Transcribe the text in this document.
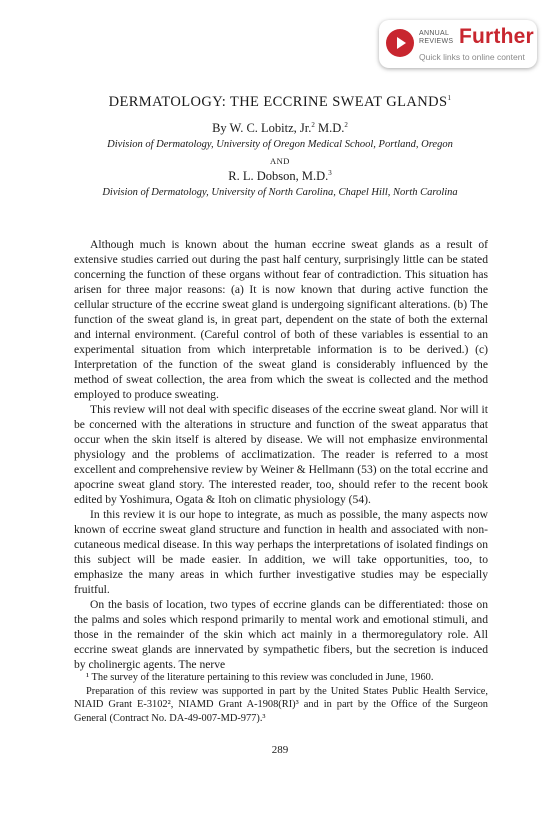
ANNUAL
REVIEWS Further
Quick links to online content
DERMATOLOGY: THE ECCRINE SWEAT GLANDS$^1$
By W. C. Lobitz, Jr.$^2$ M.D.$^2$
Division of Dermatology, University of Oregon Medical School, Portland, Oregon
AND
R. L. Dobson, M.D.$^3$
Division of Dermatology, University of North Carolina, Chapel Hill, North Carolina

Although much is known about the human eccrine sweat glands as a result of extensive studies carried out during the past half century, surprisingly little can be stated concerning the function of these organs without fear of contradiction. This situation has arisen for three major reasons: (a) It is now known that during active function the cellular structure of the eccrine sweat gland is undergoing significant alterations. (b) The function of the sweat gland is, in great part, dependent on the state of both the external and internal environment. (Careful control of both of these variables is essential to an experimental situation from which interpretable information is to be derived.) (c) Interpretation of the function of the sweat gland is considerably influenced by the method of sweat collection, the area from which the sweat is collected and the method employed to produce sweating.

This review will not deal with specific diseases of the eccrine sweat gland. Nor will it be concerned with the alterations in structure and function of the sweat apparatus that occur when the skin itself is altered by disease. We will not emphasize environmental physiology and the problems of acclimatization. The reader is referred to a most excellent and comprehensive review by Weiner & Hellmann (53) on the total eccrine and apocrine sweat gland story. The interested reader, too, should refer to the recent book edited by Yoshimura, Ogata & Itoh on climatic physiology (54).

In this review it is our hope to integrate, as much as possible, the many aspects now known of eccrine sweat gland structure and function in health and associated with non-cutaneous medical disease. In this way perhaps the interpretations of isolated findings on this subject will be made easier. In addition, we will take opportunities, too, to emphasize the many areas in which further investigative studies may be especially fruitful.

On the basis of location, two types of eccrine glands can be differentiated: those on the palms and soles which respond primarily to mental work and emotional stimuli, and those in the remainder of the skin which act mainly in a thermoregulatory role. All eccrine sweat glands are innervated by sympathetic fibers, but the secretion is induced by cholinergic agents. The nerve

¹ The survey of the literature pertaining to this review was concluded in June, 1960.

Preparation of this review was supported in part by the United States Public Health Service, NIAID Grant E-3102², NIAMD Grant A-1908(RI)³ and in part by the Office of the Surgeon General (Contract No. DA-49-007-MD-977).³

289
